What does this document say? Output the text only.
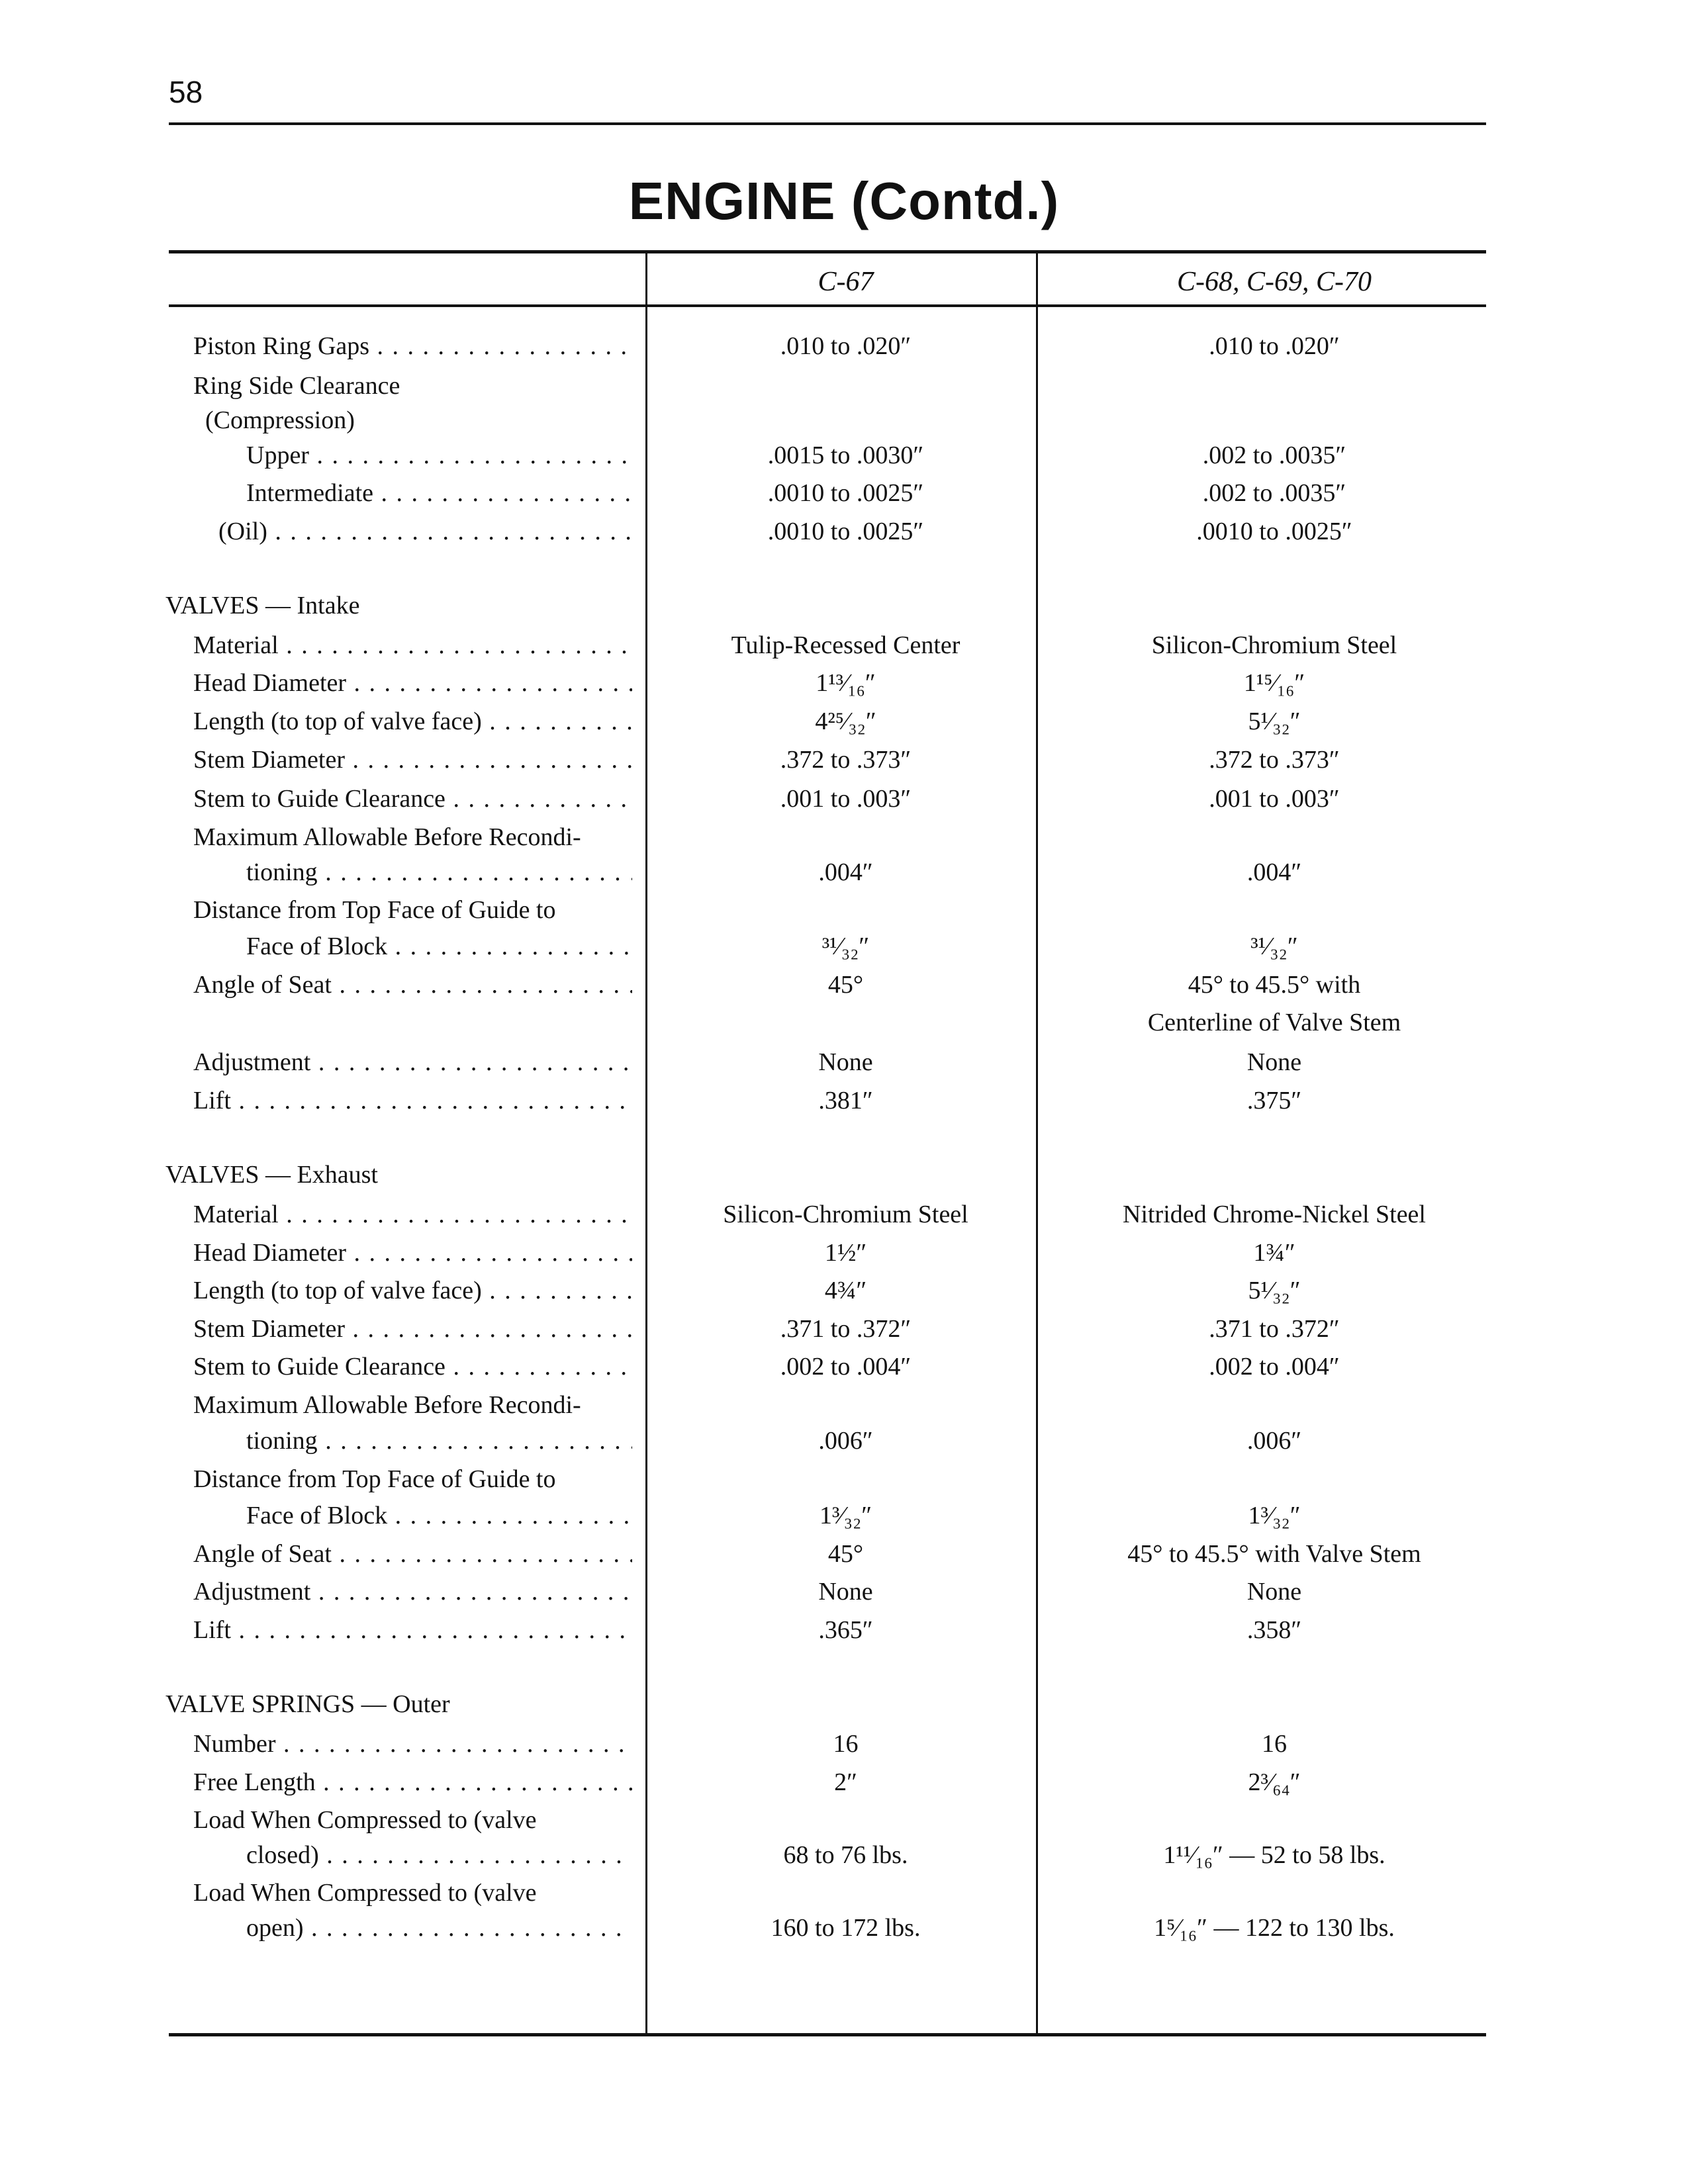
58
ENGINE (Contd.)
C-67	C-68, C-69, C-70
Piston Ring Gaps . . .	.010 to .020″	.010 to .020″
Ring Side Clearance
(Compression)
Upper . . .	.0015 to .0030″	.002 to .0035″
Intermediate . . .	.0010 to .0025″	.002 to .0035″
(Oil) . . .	.0010 to .0025″	.0010 to .0025″
VALVES — Intake
Material . . .	Tulip-Recessed Center	Silicon-Chromium Steel
Head Diameter . . .	1¹³⁄₁₆″	1¹⁵⁄₁₆″
Length (to top of valve face) . . .	4²⁵⁄₃₂″	5¹⁄₃₂″
Stem Diameter . . .	.372 to .373″	.372 to .373″
Stem to Guide Clearance . . .	.001 to .003″	.001 to .003″
Maximum Allowable Before Recondi-
tioning . . .	.004″	.004″
Distance from Top Face of Guide to
Face of Block . . .	³¹⁄₃₂″	³¹⁄₃₂″
Angle of Seat . . .	45°	45° to 45.5° with
Centerline of Valve Stem
Adjustment . . .	None	None
Lift . . .	.381″	.375″
VALVES — Exhaust
Material . . .	Silicon-Chromium Steel	Nitrided Chrome-Nickel Steel
Head Diameter . . .	1½″	1¾″
Length (to top of valve face) . . .	4¾″	5¹⁄₃₂″
Stem Diameter . . .	.371 to .372″	.371 to .372″
Stem to Guide Clearance . . .	.002 to .004″	.002 to .004″
Maximum Allowable Before Recondi-
tioning . . .	.006″	.006″
Distance from Top Face of Guide to
Face of Block . . .	1³⁄₃₂″	1³⁄₃₂″
Angle of Seat . . .	45°	45° to 45.5° with Valve Stem
Adjustment . . .	None	None
Lift . . .	.365″	.358″
VALVE SPRINGS — Outer
Number . . .	16	16
Free Length . . .	2″	2³⁄₆₄″
Load When Compressed to (valve
closed) . . .	68 to 76 lbs.	1¹¹⁄₁₆″ — 52 to 58 lbs.
Load When Compressed to (valve
open) . . .	160 to 172 lbs.	1⁵⁄₁₆″ — 122 to 130 lbs.
